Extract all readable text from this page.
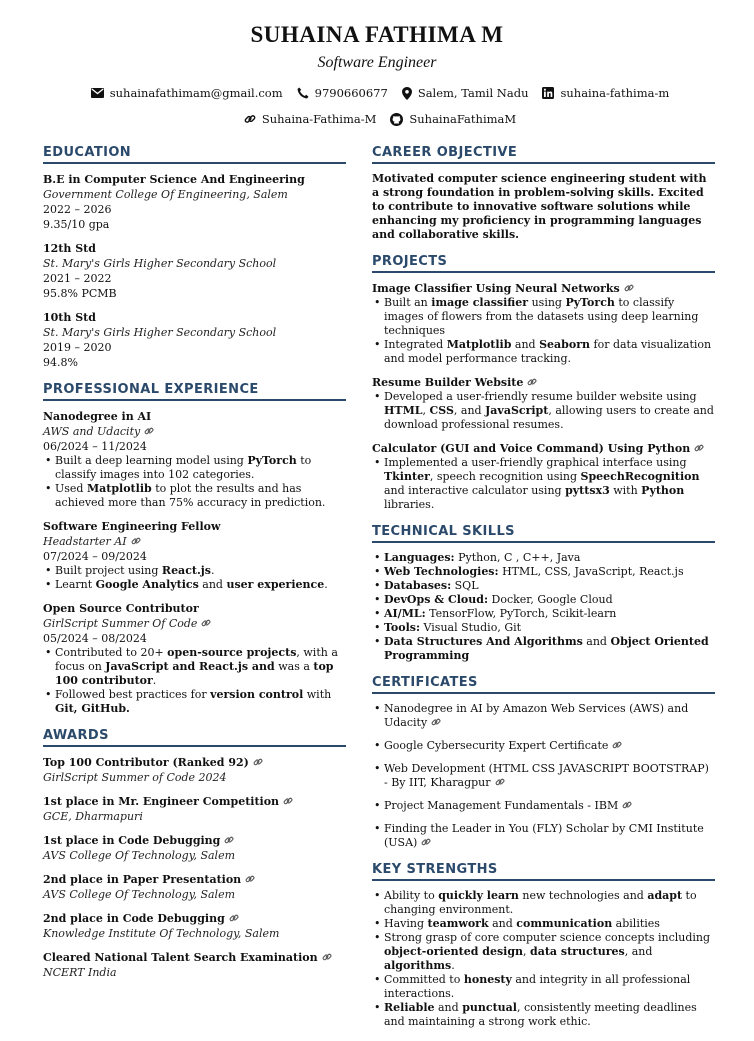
SUHAINA FATHIMA M
Software Engineer
suhainafathimam@gmail.com	9790660677	Salem, Tamil Nadu	suhaina-fathima-m
Suhaina-Fathima-M	SuhainaFathimaM
EDUCATION
B.E in Computer Science And Engineering
Government College Of Engineering, Salem
2022 – 2026
9.35/10 gpa
12th Std
St. Mary's Girls Higher Secondary School
2021 – 2022
95.8% PCMB
10th Std
St. Mary's Girls Higher Secondary School
2019 – 2020
94.8%
PROFESSIONAL EXPERIENCE
Nanodegree in AI
AWS and Udacity
06/2024 – 11/2024
• Built a deep learning model using PyTorch to classify images into 102 categories.
• Used Matplotlib to plot the results and has achieved more than 75% accuracy in prediction.
Software Engineering Fellow
Headstarter AI
07/2024 – 09/2024
• Built project using React.js.
• Learnt Google Analytics and user experience.
Open Source Contributor
GirlScript Summer Of Code
05/2024 – 08/2024
• Contributed to 20+ open-source projects, with a focus on JavaScript and React.js and was a top 100 contributor.
• Followed best practices for version control with Git, GitHub.
AWARDS
Top 100 Contributor (Ranked 92)
GirlScript Summer of Code 2024
1st place in Mr. Engineer Competition
GCE, Dharmapuri
1st place in Code Debugging
AVS College Of Technology, Salem
2nd place in Paper Presentation
AVS College Of Technology, Salem
2nd place in Code Debugging
Knowledge Institute Of Technology, Salem
Cleared National Talent Search Examination
NCERT India
CAREER OBJECTIVE
Motivated computer science engineering student with a strong foundation in problem-solving skills. Excited to contribute to innovative software solutions while enhancing my proficiency in programming languages and collaborative skills.
PROJECTS
Image Classifier Using Neural Networks
• Built an image classifier using PyTorch to classify images of flowers from the datasets using deep learning techniques
• Integrated Matplotlib and Seaborn for data visualization and model performance tracking.
Resume Builder Website
• Developed a user-friendly resume builder website using HTML, CSS, and JavaScript, allowing users to create and download professional resumes.
Calculator (GUI and Voice Command) Using Python
• Implemented a user-friendly graphical interface using Tkinter, speech recognition using SpeechRecognition and interactive calculator using pyttsx3 with Python libraries.
TECHNICAL SKILLS
• Languages: Python, C , C++, Java
• Web Technologies: HTML, CSS, JavaScript, React.js
• Databases: SQL
• DevOps & Cloud: Docker, Google Cloud
• AI/ML: TensorFlow, PyTorch, Scikit-learn
• Tools: Visual Studio, Git
• Data Structures And Algorithms and Object Oriented Programming
CERTIFICATES
• Nanodegree in AI by Amazon Web Services (AWS) and Udacity
• Google Cybersecurity Expert Certificate
• Web Development (HTML CSS JAVASCRIPT BOOTSTRAP) - By IIT, Kharagpur
• Project Management Fundamentals - IBM
• Finding the Leader in You (FLY) Scholar by CMI Institute (USA)
KEY STRENGTHS
• Ability to quickly learn new technologies and adapt to changing environment.
• Having teamwork and communication abilities
• Strong grasp of core computer science concepts including object-oriented design, data structures, and algorithms.
• Committed to honesty and integrity in all professional interactions.
• Reliable and punctual, consistently meeting deadlines and maintaining a strong work ethic.
